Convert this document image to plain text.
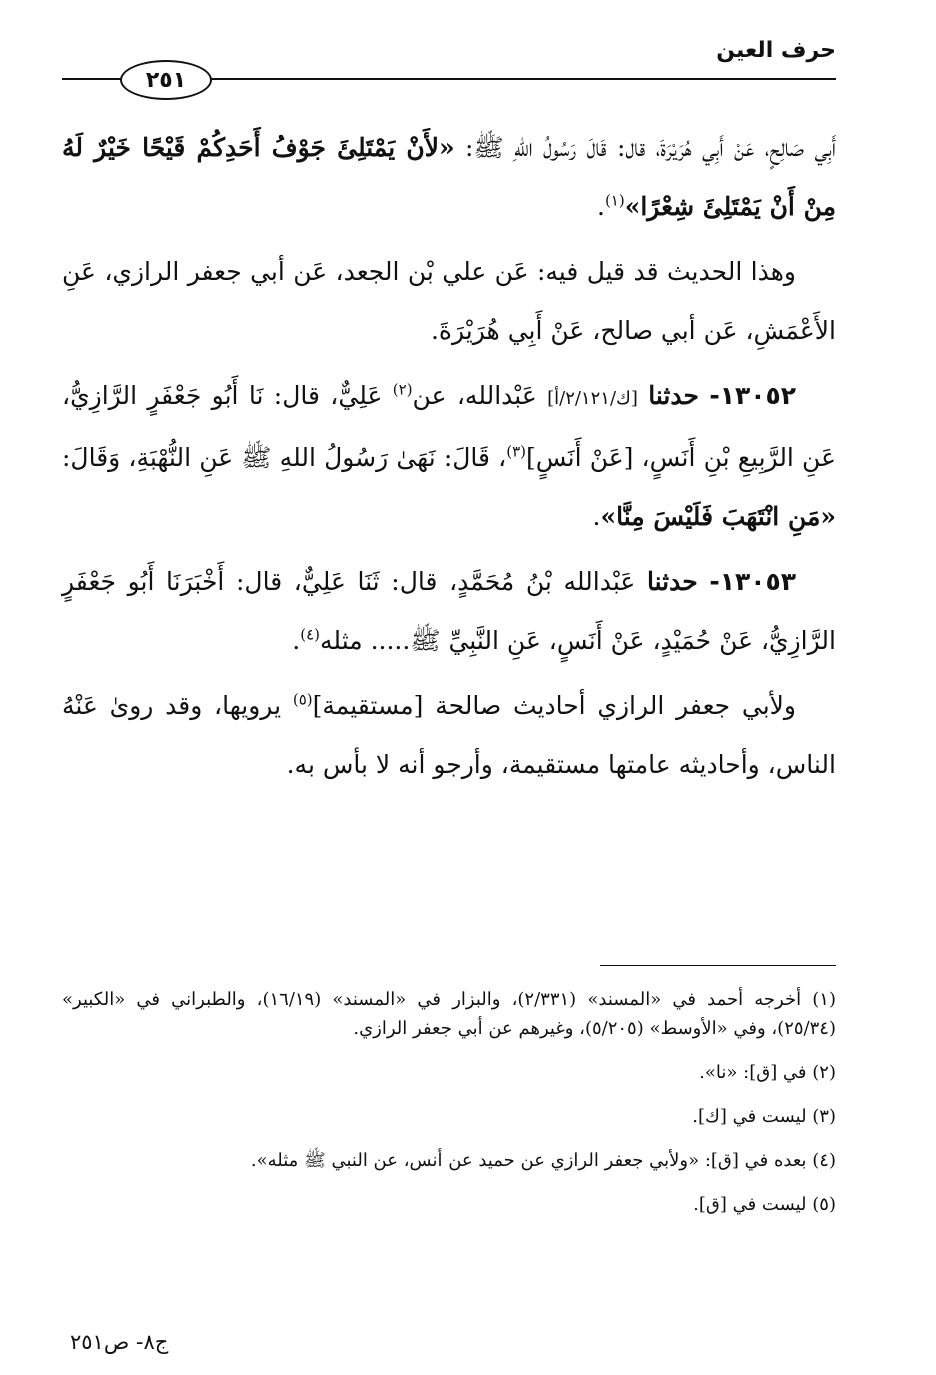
حرف العين
٢٥١

أَبِي صَالِحٍ، عَنْ أَبِي هُرَيْرَةَ، قال: قَالَ رَسُولُ اللهِ ﷺ: «لأَنْ يَمْتَلِئَ جَوْفُ أَحَدِكُمْ قَيْحًا خَيْرٌ لَهُ مِنْ أَنْ يَمْتَلِئَ شِعْرًا»$^{(١)}$.

وهذا الحديث قد قيل فيه: عَن علي بْن الجعد، عَن أبي جعفر الرازي، عَنِ الأَعْمَشِ، عَن أبي صالح، عَنْ أَبِي هُرَيْرَةَ.

١٣٠٥٢- حدثنا [ك/٢/١٢١/أ] عَبْدالله، عن$^{(٢)}$ عَلِيٌّ، قال: نَا أَبُو جَعْفَرٍ الرَّازِيُّ، عَنِ الرَّبِيعِ بْنِ أَنَسٍ، [عَنْ أَنَسٍ]$^{(٣)}$، قَالَ: نَهَىٰ رَسُولُ اللهِ ﷺ عَنِ النُّهْبَةِ، وَقَالَ: «مَنِ انْتَهَبَ فَلَيْسَ مِنَّا».

١٣٠٥٣- حدثنا عَبْدالله بْنُ مُحَمَّدٍ، قال: ثَنَا عَلِيٌّ، قال: أَخْبَرَنَا أَبُو جَعْفَرٍ الرَّازِيُّ، عَنْ حُمَيْدٍ، عَنْ أَنَسٍ، عَنِ النَّبِيِّ ﷺ..... مثله$^{(٤)}$.

ولأبي جعفر الرازي أحاديث صالحة [مستقيمة]$^{(٥)}$ يرويها، وقد روىٰ عَنْهُ الناس، وأحاديثه عامتها مستقيمة، وأرجو أنه لا بأس به.

(١) أخرجه أحمد في «المسند» (٢/٣٣١)، والبزار في «المسند» (١٦/١٩)، والطبراني في «الكبير» (٢٥/٣٤)، وفي «الأوسط» (٥/٢٠٥)، وغيرهم عن أبي جعفر الرازي.

(٢) في [ق]: «نا».

(٣) ليست في [ك].

(٤) بعده في [ق]: «ولأبي جعفر الرازي عن حميد عن أنس، عن النبي ﷺ مثله».

(٥) ليست في [ق].

ج٨- ص٢٥١
